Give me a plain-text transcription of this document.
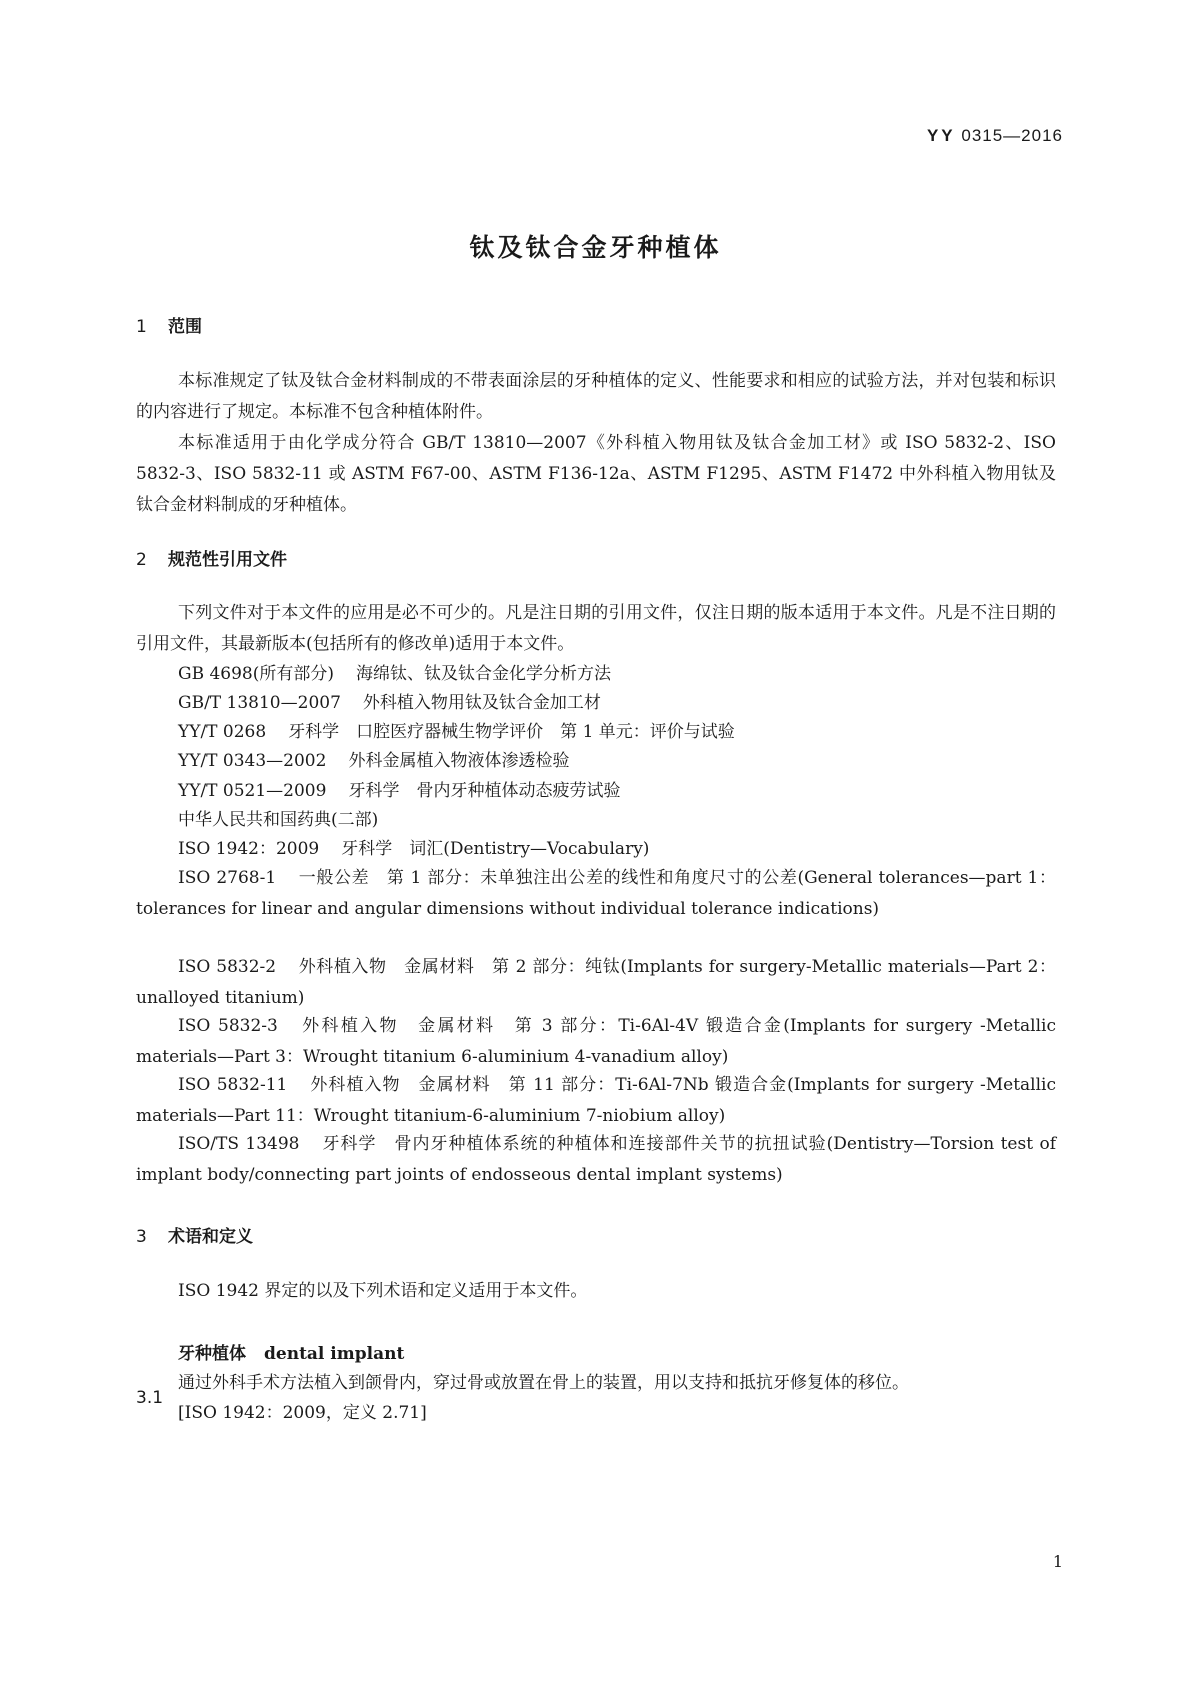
YY 0315—2016
钛及钛合金牙种植体
1 范围

本标准规定了钛及钛合金材料制成的不带表面涂层的牙种植体的定义、性能要求和相应的试验方法，并对包装和标识的内容进行了规定。本标准不包含种植体附件。

本标准适用于由化学成分符合 GB/T 13810—2007《外科植入物用钛及钛合金加工材》或 ISO 5832-2、ISO 5832-3、ISO 5832-11 或 ASTM F67-00、ASTM F136-12a、ASTM F1295、ASTM F1472 中外科植入物用钛及钛合金材料制成的牙种植体。

2 规范性引用文件

下列文件对于本文件的应用是必不可少的。凡是注日期的引用文件，仅注日期的版本适用于本文件。凡是不注日期的引用文件，其最新版本(包括所有的修改单)适用于本文件。

GB 4698(所有部分) 海绵钛、钛及钛合金化学分析方法
GB/T 13810—2007 外科植入物用钛及钛合金加工材
YY/T 0268 牙科学　口腔医疗器械生物学评价　第 1 单元：评价与试验
YY/T 0343—2002 外科金属植入物液体渗透检验
YY/T 0521—2009 牙科学　骨内牙种植体动态疲劳试验
中华人民共和国药典(二部)
ISO 1942：2009 牙科学　词汇(Dentistry—Vocabulary)

ISO 2768-1 一般公差　第 1 部分：未单独注出公差的线性和角度尺寸的公差(General tolerances—part 1：tolerances for linear and angular dimensions without individual tolerance indications)

ISO 5832-2 外科植入物　金属材料　第 2 部分：纯钛(Implants for surgery-Metallic materials—Part 2：unalloyed titanium)

ISO 5832-3 外科植入物　金属材料　第 3 部分：Ti-6Al-4V 锻造合金(Implants for surgery -Metallic materials—Part 3：Wrought titanium 6-aluminium 4-vanadium alloy)

ISO 5832-11 外科植入物　金属材料　第 11 部分：Ti-6Al-7Nb 锻造合金(Implants for surgery -Metallic materials—Part 11：Wrought titanium-6-aluminium 7-niobium alloy)

ISO/TS 13498 牙科学　骨内牙种植体系统的种植体和连接部件关节的抗扭试验(Dentistry—Torsion test of implant body/connecting part joints of endosseous dental implant systems)

3 术语和定义

ISO 1942 界定的以及下列术语和定义适用于本文件。

3.1
牙种植体 dental implant
通过外科手术方法植入到颌骨内，穿过骨或放置在骨上的装置，用以支持和抵抗牙修复体的移位。
[ISO 1942：2009，定义 2.71]
1
